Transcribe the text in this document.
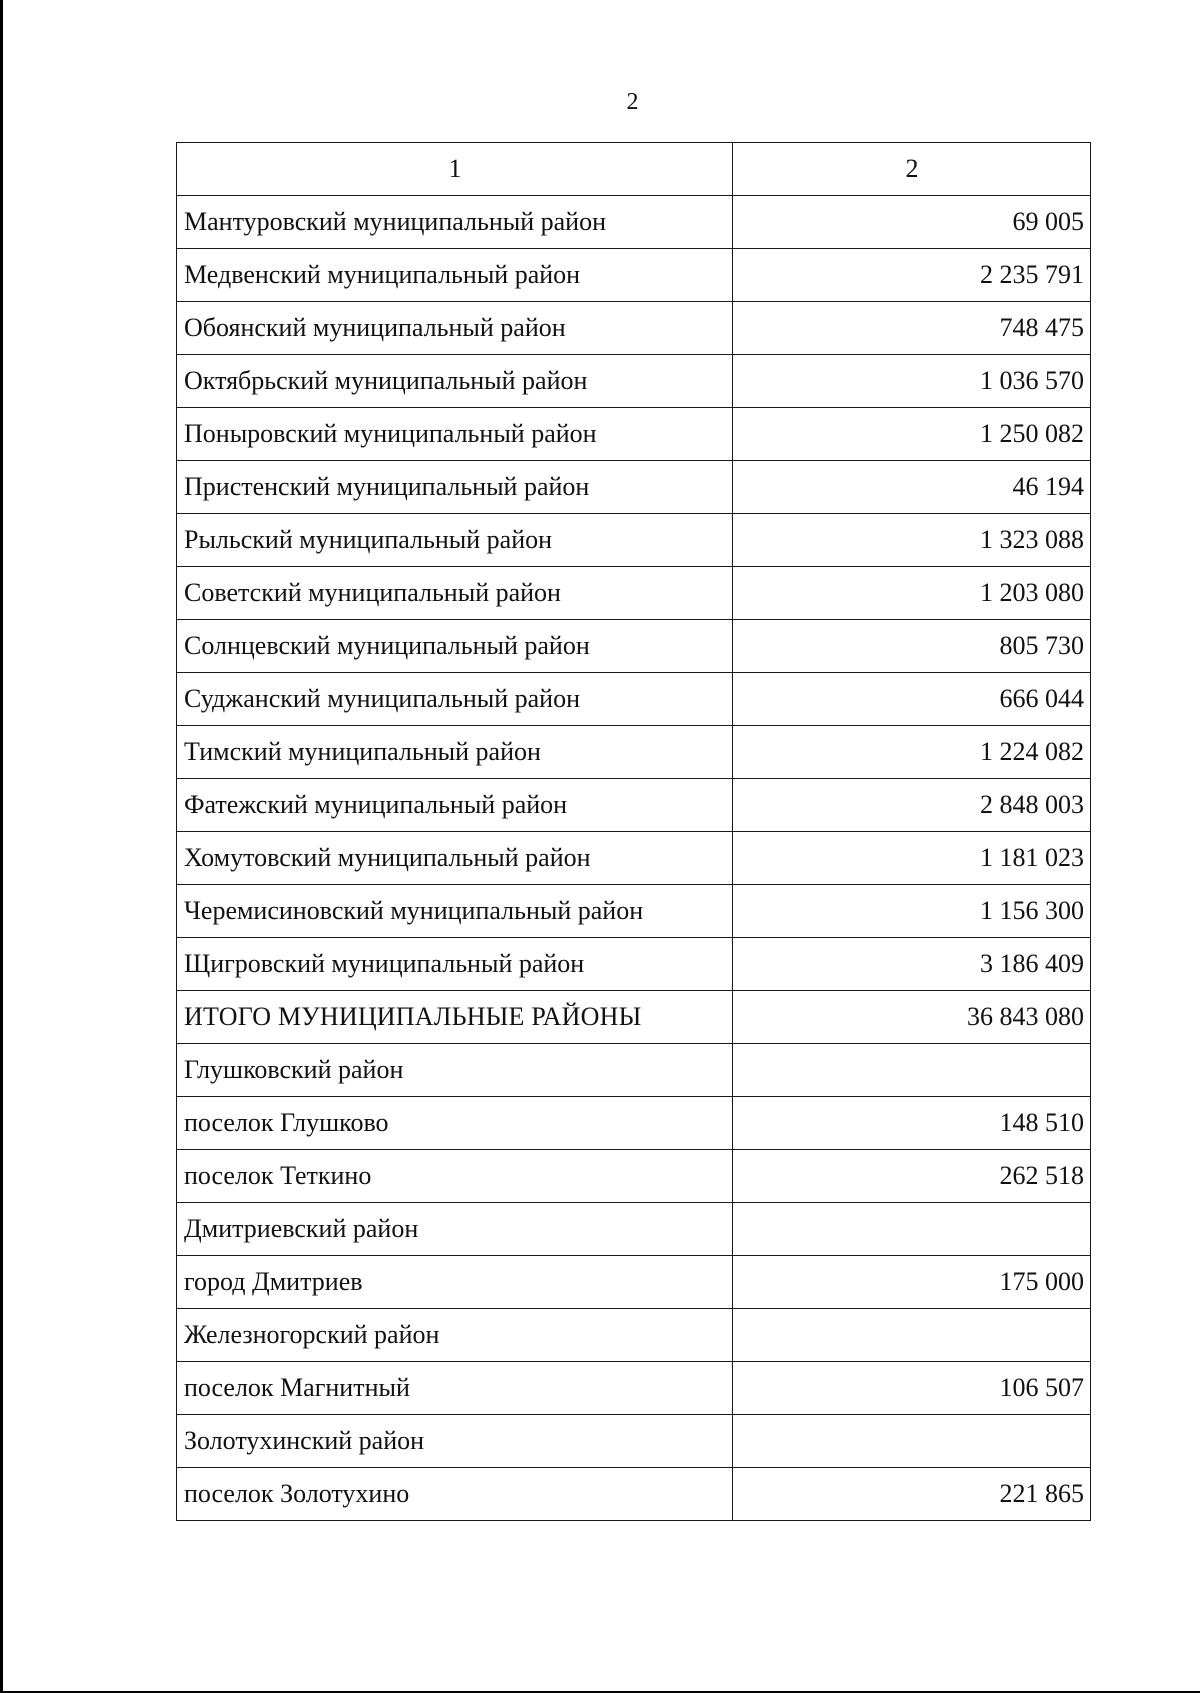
2
1	2
Мантуровский муниципальный район	69 005
Медвенский муниципальный район	2 235 791
Обоянский муниципальный район	748 475
Октябрьский муниципальный район	1 036 570
Поныровский муниципальный район	1 250 082
Пристенский муниципальный район	46 194
Рыльский муниципальный район	1 323 088
Советский муниципальный район	1 203 080
Солнцевский муниципальный район	805 730
Суджанский муниципальный район	666 044
Тимский муниципальный район	1 224 082
Фатежский муниципальный район	2 848 003
Хомутовский муниципальный район	1 181 023
Черемисиновский муниципальный район	1 156 300
Щигровский муниципальный район	3 186 409
ИТОГО МУНИЦИПАЛЬНЫЕ РАЙОНЫ	36 843 080
Глушковский район	
поселок Глушково	148 510
поселок Теткино	262 518
Дмитриевский район	
город Дмитриев	175 000
Железногорский район	
поселок Магнитный	106 507
Золотухинский район	
поселок Золотухино	221 865
